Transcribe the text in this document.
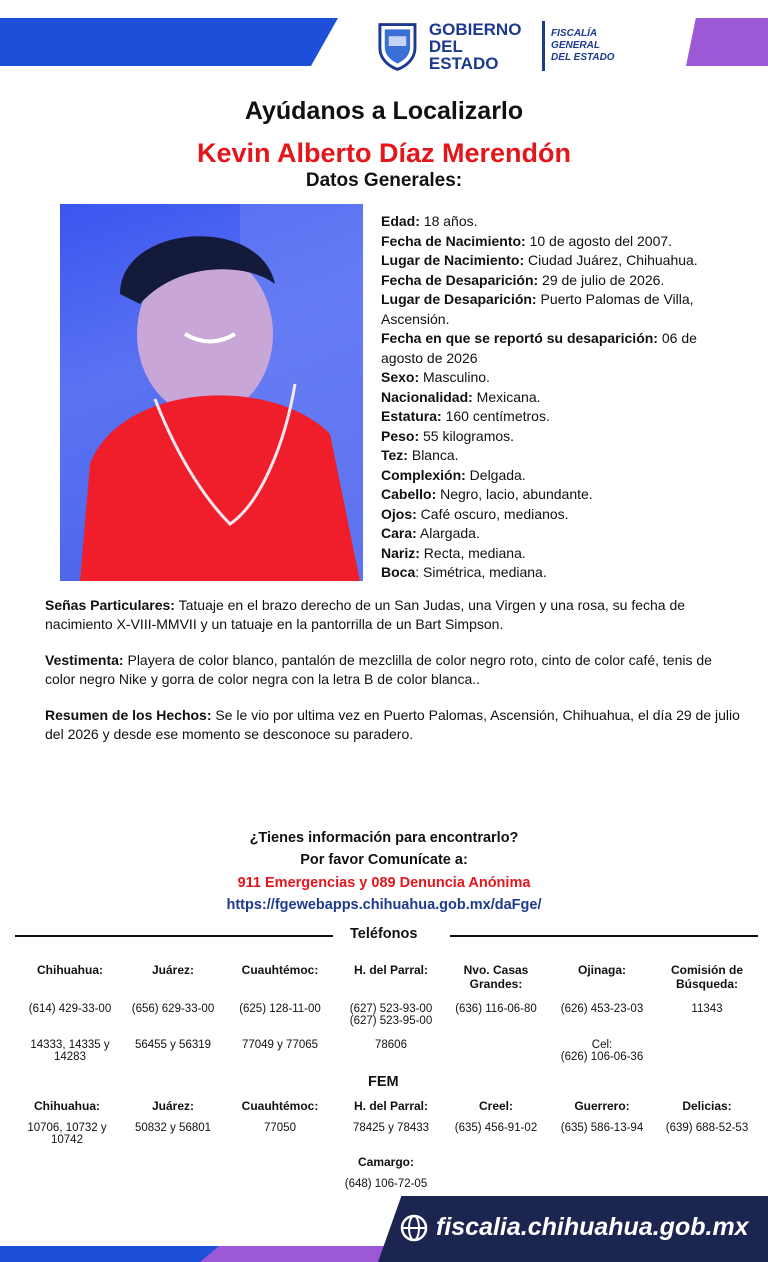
GOBIERNO
DEL ESTADO
FISCALÍA GENERAL
DEL ESTADO
Ayúdanos a Localizarlo
Kevin Alberto Díaz Merendón
Datos Generales:
Edad: 18 años.
Fecha de Nacimiento: 10 de agosto del 2007.
Lugar de Nacimiento: Ciudad Juárez, Chihuahua.
Fecha de Desaparición: 29 de julio de 2026.
Lugar de Desaparición: Puerto Palomas de Villa, Ascensión.
Fecha en que se reportó su desaparición: 06 de agosto de 2026
Sexo: Masculino.
Nacionalidad: Mexicana.
Estatura: 160 centímetros.
Peso: 55 kilogramos.
Tez: Blanca.
Complexión: Delgada.
Cabello: Negro, lacio, abundante.
Ojos: Café oscuro, medianos.
Cara: Alargada.
Nariz: Recta, mediana.
Boca: Simétrica, mediana.
Señas Particulares: Tatuaje en el brazo derecho de un San Judas, una Virgen y una rosa, su fecha de nacimiento X-VIII-MMVII y un tatuaje en la pantorrilla de un Bart Simpson.
Vestimenta: Playera de color blanco, pantalón de mezclilla de color negro roto, cinto de color café, tenis de color negro Nike y gorra de color negra con la letra B de color blanca..
Resumen de los Hechos: Se le vio por ultima vez en Puerto Palomas, Ascensión, Chihuahua, el día 29 de julio del 2026 y desde ese momento se desconoce su paradero.
¿Tienes información para encontrarlo?
Por favor Comunícate a:
911 Emergencias y 089 Denuncia Anónima
https://fgewebapps.chihuahua.gob.mx/daFge/
Teléfonos
Chihuahua:
(614) 429-33-00
14333, 14335 y 14283
Juárez:
(656) 629-33-00
56455 y 56319
Cuauhtémoc:
(625) 128-11-00
77049 y 77065
H. del Parral:
(627) 523-93-00
(627) 523-95-00
78606
Nvo. Casas Grandes:
(636) 116-06-80
Ojinaga:
(626) 453-23-03
Cel:
(626) 106-06-36
Comisión de Búsqueda:
11343
FEM
Chihuahua:
10706, 10732 y 10742
Juárez:
50832 y 56801
Cuauhtémoc:
77050
H. del Parral:
78425 y 78433
Creel:
(635) 456-91-02
Guerrero:
(635) 586-13-94
Delicias:
(639) 688-52-53
Camargo:
(648) 106-72-05
fiscalia.chihuahua.gob.mx
